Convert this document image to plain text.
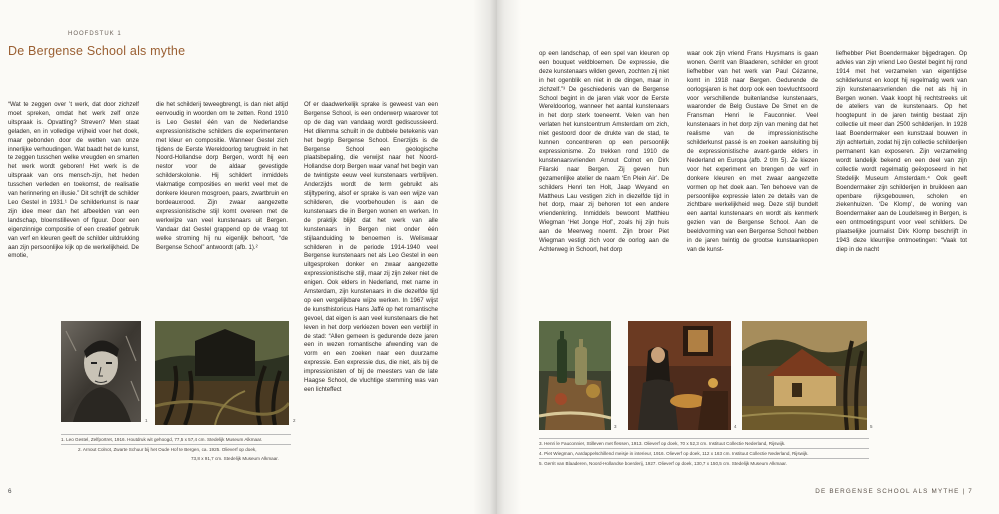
HOOFDSTUK 1
De Bergense School als mythe

“Wat te zeggen over ’t werk, dat door zichzelf moet spreken, omdat het werk zelf onze uitspraak is. Opvatting? Streven? Men staat geladen, en in volledige vrijheid voer het doek, maar gebonden door de wetten van onze innerlijke verhoudingen. Wat baadt het de kunst, te zeggen tusschen welke vreugden en smarten het werk wordt geboren! Het werk is de uitspraak van ons mensch-zijn, het heden tusschen verleden en toekomst, de realisatie van herinnering en illusie.” Dit schrijft de schilder Leo Gestel in 1931.¹ De schilderkunst is naar zijn idee meer dan het afbeelden van een landschap, bloemstilleven of figuur. Door een eigenzinnige compositie of een creatief gebruik van verf en kleuren geeft de schilder uitdrukking aan zijn persoonlijke kijk op de werkelijkheid. De emotie,

die het schilderij teweegbrengt, is dan niet altijd eenvoudig in woorden om te zetten. Rond 1910 is Leo Gestel één van de Nederlandse expressionistische schilders die experimenteren met kleur en compositie. Wanneer Gestel zich tijdens de Eerste Wereldoorlog terugtrekt in het Noord-Hollandse dorp Bergen, wordt hij een nestor voor de aldaar gevestigde schilderskolonie. Hij schildert inmiddels vlakmatige composities en werkt veel met de donkere kleuren mosgroen, paars, zwartbruin en bordeauxrood. Zijn zwaar aangezette expressionistische stijl komt overeen met de werkwijze van veel kunstenaars uit Bergen. Vandaar dat Gestel grappend op de vraag tot welke stroming hij nu eigenlijk behoort, “de Bergense School” antwoordt (afb. 1).²

Of er daadwerkelijk sprake is geweest van een Bergense School, is een onderwerp waarover tot op de dag van vandaag wordt gediscussieerd. Het dilemma schuilt in de dubbele betekenis van het begrip Bergense School. Enerzijds is de Bergense School een geologische plaatsbepaling, die verwijst naar het Noord-Hollandse dorp Bergen waar vanaf het begin van de twintigste eeuw veel kunstenaars verblijven. Anderzijds wordt de term gebruikt als stijltypering, alsof er sprake is van een wijze van schilderen, die voorbehouden is aan de kunstenaars die in Bergen wonen en werken. In de praktijk blijkt dat het werk van alle kunstenaars in Bergen niet onder één stijlaanduiding te benoemen is. Weliswaar schilderen in de periode 1914-1940 veel Bergense kunstenaars net als Leo Gestel in een uitgesproken donker en zwaar aangezette expressionistische stijl, maar zij zijn zeker niet de enigen. Ook elders in Nederland, met name in Amsterdam, zijn kunstenaars in die dezelfde tijd op een vergelijkbare wijze werken. In 1967 wijst de kunsthistoricus Hans Jaffé op het romantische gevoel, dat eigen is aan veel kunstenaars die het leven in het dorp verkiezen boven een verblijf in de stad: “Allen gemeen is gedurende deze jaren een in wezen romantische afwending van de vorm en een zoeken naar een duurzame expressie. Een expressie dus, die niet, als bij de impressionisten of bij de meesters van de late Haagse School, de vluchtige stemming was van een lichteffect

1	2
1. Leo Gestel, Zelfportret, 1916. Houtdruk wit gehoogd, 77,5 x 57,4 cm. Stedelijk Museum Alkmaar.
2. Arnout Colnot, Zwarte Schuur bij het Oude Hof te Bergen, ca. 1925. Olieverf op doek,
73,8 x 91,7 cm. Stedelijk Museum Alkmaar.
6

op een landschap, of een spel van kleuren op een bouquet veldbloemen. De expressie, die deze kunstenaars wilden geven, zochten zij niet in het ogenblik en niet in de dingen, maar in zichzelf.”³ De geschiedenis van de Bergense School begint in de jaren vlak voor de Eerste Wereldoorlog, wanneer het aantal kunstenaars in het dorp sterk toeneemt. Velen van hen verlaten het kunstcentrum Amsterdam om zich, niet gestoord door de drukte van de stad, te kunnen concentreren op een persoonlijk expressionisme. Zo trekken rond 1910 de kunstenaarsvrienden Arnout Colnot en Dirk Filarski naar Bergen. Zij geven hun gezamenlijke atelier de naam ‘En Plein Air’. De schilders Henri ten Holt, Jaap Weyand en Mattheus Lau vestigen zich in diezelfde tijd in het dorp, maar zij behoren tot een andere vriendenkring. Inmiddels bewoont Matthieu Wiegman ‘Het Jonge Hof’, zoals hij zijn huis aan de Meerweg noemt. Zijn broer Piet Wiegman vestigt zich voor de oorlog aan de Achterweg in Schoorl, het dorp

waar ook zijn vriend Frans Huysmans is gaan wonen. Gerrit van Blaaderen, schilder en groot liefhebber van het werk van Paul Cézanne, komt in 1918 naar Bergen. Gedurende de oorlogsjaren is het dorp ook een toevluchtsoord voor verschillende buitenlandse kunstenaars, waaronder de Belg Gustave De Smet en de Fransman Henri le Fauconnier. Veel kunstenaars in het dorp zijn van mening dat het realisme van de impressionistische schilderkunst passé is en zoeken aansluiting bij de expressionistische avant-garde elders in Nederland en Europa (afb. 2 t/m 5). Ze kiezen voor het experiment en brengen de verf in donkere kleuren en met zwaar aangezette vormen op het doek aan. Ten behoeve van de persoonlijke expressie laten ze details van de zichtbare werkelijkheid weg. Deze stijl bundelt een aantal kunstenaars en wordt als kenmerk gezien van de Bergense School. Aan de beeldvorming van een Bergense School hebben in de jaren twintig de grootse kunstaankopen van de kunst-

liefhebber Piet Boendermaker bijgedragen. Op advies van zijn vriend Leo Gestel begint hij rond 1914 met het verzamelen van eigentijdse schilderkunst en koopt hij regelmatig werk van zijn kunstenaarsvrienden die net als hij in Bergen wonen. Vaak koopt hij rechtstreeks uit de ateliers van de kunstenaars. Op het hoogtepunt in de jaren twintig bestaat zijn collectie uit meer dan 2500 schilderijen. In 1928 laat Boendermaker een kunstzaal bouwen in zijn achtertuin, zodat hij zijn collectie schilderijen permanent kan exposeren. Zijn verzameling wordt landelijk bekend en een deel van zijn collectie wordt regelmatig geëxposeerd in het Stedelijk Museum Amsterdam.⁴ Ook geeft Boendermaker zijn schilderijen in bruikleen aan openbare rijksgebouwen, scholen en ziekenhuizen. ‘De Klomp’, de woning van Boendermaker aan de Loudelsweg in Bergen, is een ontmoetingspunt voor veel schilders. De plaatselijke journalist Dirk Klomp beschrijft in 1943 deze kleurrijke ontmoetingen: “Vaak tot diep in de nacht

3	4	5
3. Henri le Fauconnier, Stilleven met flessen, 1913. Olieverf op doek, 70 x 52,3 cm. Instituut Collectie Nederland, Rijswijk.
4. Piet Wiegman, Aardappelschillend meisje in interieur, 1916. Olieverf op doek, 112 x 163 cm. Instituut Collectie Nederland, Rijswijk.
5. Gerrit van Blaaderen, Noord-Hollandse boerderij, 1927. Olieverf op doek, 130,7 x 150,5 cm. Stedelijk Museum Alkmaar.
DE BERGENSE SCHOOL ALS MYTHE | 7
